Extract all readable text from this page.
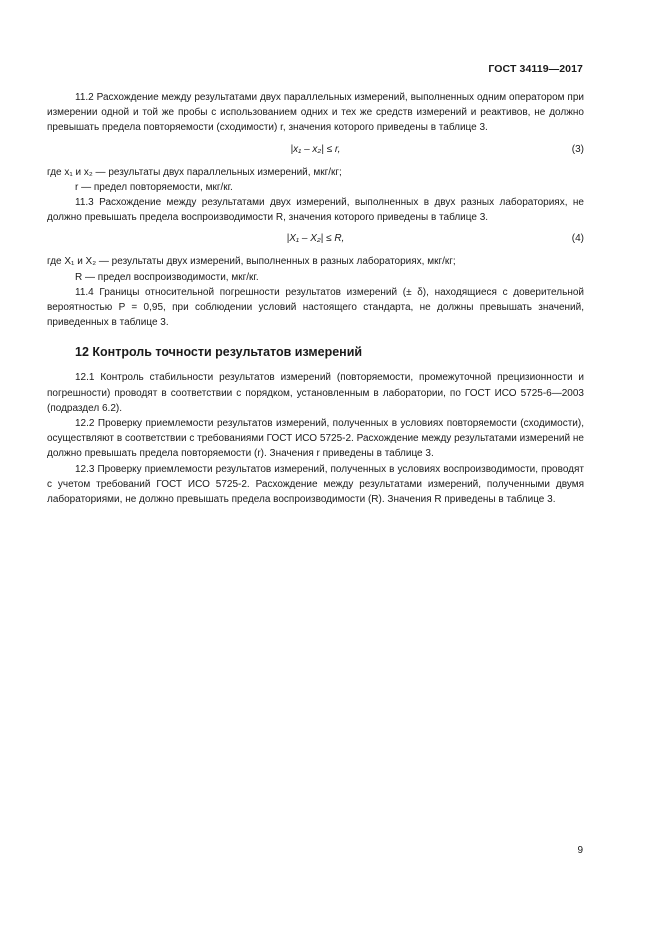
ГОСТ 34119—2017

11.2 Расхождение между результатами двух параллельных измерений, выполненных одним оператором при измерении одной и той же пробы с использованием одних и тех же средств измерений и реактивов, не должно превышать предела повторяемости (сходимости) r, значения которого приведены в таблице 3.

|x₁ – x₂| ≤ r,	(3)

где x₁ и x₂ — результаты двух параллельных измерений, мкг/кг;

r — предел повторяемости, мкг/кг.

11.3 Расхождение между результатами двух измерений, выполненных в двух разных лабораториях, не должно превышать предела воспроизводимости R, значения которого приведены в таблице 3.

|X₁ – X₂| ≤ R,	(4)

где X₁ и X₂ — результаты двух измерений, выполненных в разных лабораториях, мкг/кг;

R — предел воспроизводимости, мкг/кг.

11.4 Границы относительной погрешности результатов измерений (± δ), находящиеся с доверительной вероятностью P = 0,95, при соблюдении условий настоящего стандарта, не должны превышать значений, приведенных в таблице 3.

12 Контроль точности результатов измерений

12.1 Контроль стабильности результатов измерений (повторяемости, промежуточной прецизионности и погрешности) проводят в соответствии с порядком, установленным в лаборатории, по ГОСТ ИСО 5725-6—2003 (подраздел 6.2).

12.2 Проверку приемлемости результатов измерений, полученных в условиях повторяемости (сходимости), осуществляют в соответствии с требованиями ГОСТ ИСО 5725-2. Расхождение между результатами измерений не должно превышать предела повторяемости (r). Значения r приведены в таблице 3.

12.3 Проверку приемлемости результатов измерений, полученных в условиях воспроизводимости, проводят с учетом требований ГОСТ ИСО 5725-2. Расхождение между результатами измерений, полученными двумя лабораториями, не должно превышать предела воспроизводимости (R). Значения R приведены в таблице 3.

9
